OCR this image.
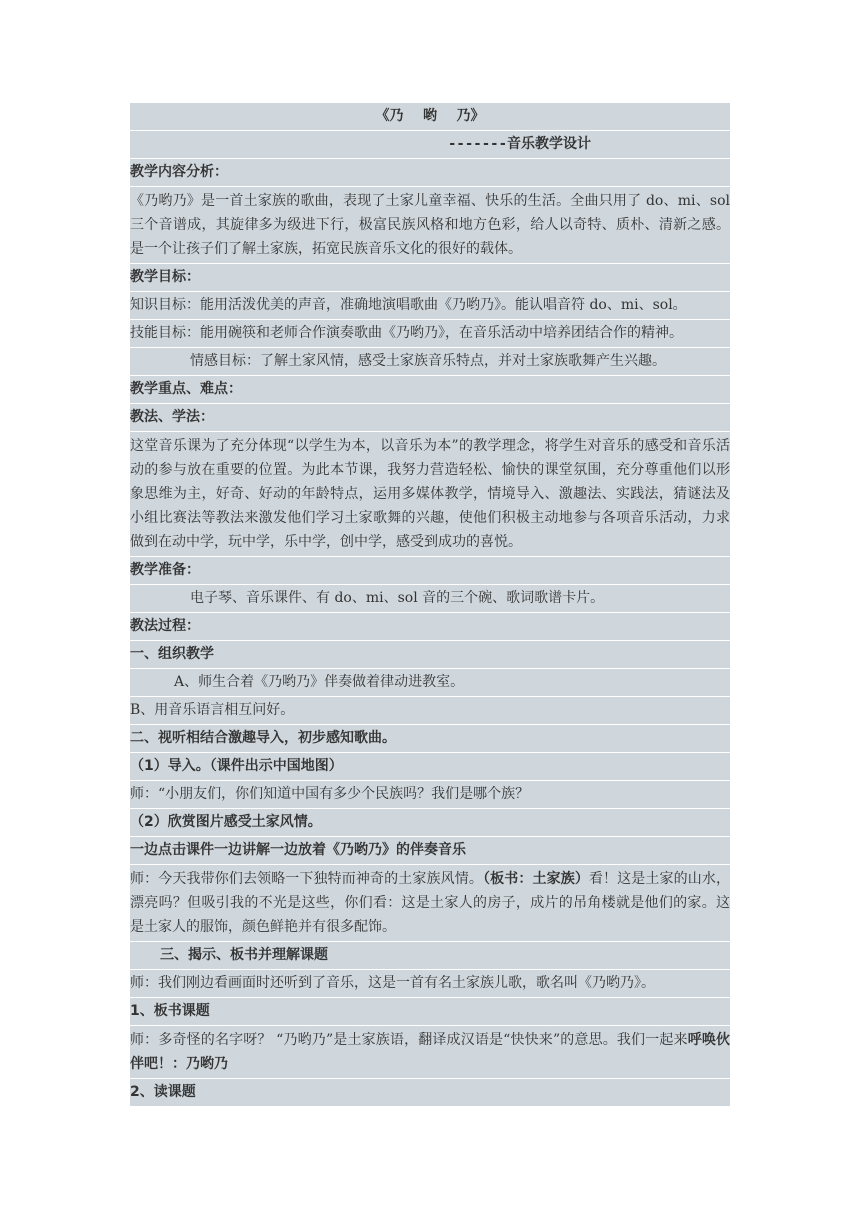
《乃    哟    乃》
-------音乐教学设计
教学内容分析：
《乃哟乃》是一首土家族的歌曲，表现了土家儿童幸福、快乐的生活。全曲只用了 do、mi、sol 三个音谱成，其旋律多为级进下行，极富民族风格和地方色彩，给人以奇特、质朴、清新之感。是一个让孩子们了解土家族，拓宽民族音乐文化的很好的载体。
教学目标：
知识目标：能用活泼优美的声音，准确地演唱歌曲《乃哟乃》。能认唱音符 do、mi、sol。
技能目标：能用碗筷和老师合作演奏歌曲《乃哟乃》，在音乐活动中培养团结合作的精神。
情感目标：了解土家风情，感受土家族音乐特点，并对土家族歌舞产生兴趣。
教学重点、难点：
教法、学法：
这堂音乐课为了充分体现“以学生为本，以音乐为本”的教学理念，将学生对音乐的感受和音乐活动的参与放在重要的位置。为此本节课，我努力营造轻松、愉快的课堂氛围，充分尊重他们以形象思维为主，好奇、好动的年龄特点，运用多媒体教学，情境导入、激趣法、实践法，猜谜法及小组比赛法等教法来激发他们学习土家歌舞的兴趣，使他们积极主动地参与各项音乐活动，力求做到在动中学，玩中学，乐中学，创中学，感受到成功的喜悦。
教学准备：
电子琴、音乐课件、有 do、mi、sol 音的三个碗、歌词歌谱卡片。
教法过程：
一、组织教学
A、师生合着《乃哟乃》伴奏做着律动进教室。
B、用音乐语言相互问好。
二、视听相结合激趣导入，初步感知歌曲。
（1）导入。（课件出示中国地图）
师：“小朋友们，你们知道中国有多少个民族吗？我们是哪个族？
（2）欣赏图片感受土家风情。
一边点击课件一边讲解一边放着《乃哟乃》的伴奏音乐
师：今天我带你们去领略一下独特而神奇的土家族风情。（板书：土家族）看！这是土家的山水，漂亮吗？但吸引我的不光是这些，你们看：这是土家人的房子，成片的吊角楼就是他们的家。这是土家人的服饰，颜色鲜艳并有很多配饰。
三、揭示、板书并理解课题
师：我们刚边看画面时还听到了音乐，这是一首有名土家族儿歌，歌名叫《乃哟乃》。
1、板书课题
师：多奇怪的名字呀？ “乃哟乃”是土家族语，翻译成汉语是“快快来”的意思。我们一起来呼唤伙伴吧！：乃哟乃
2、读课题
